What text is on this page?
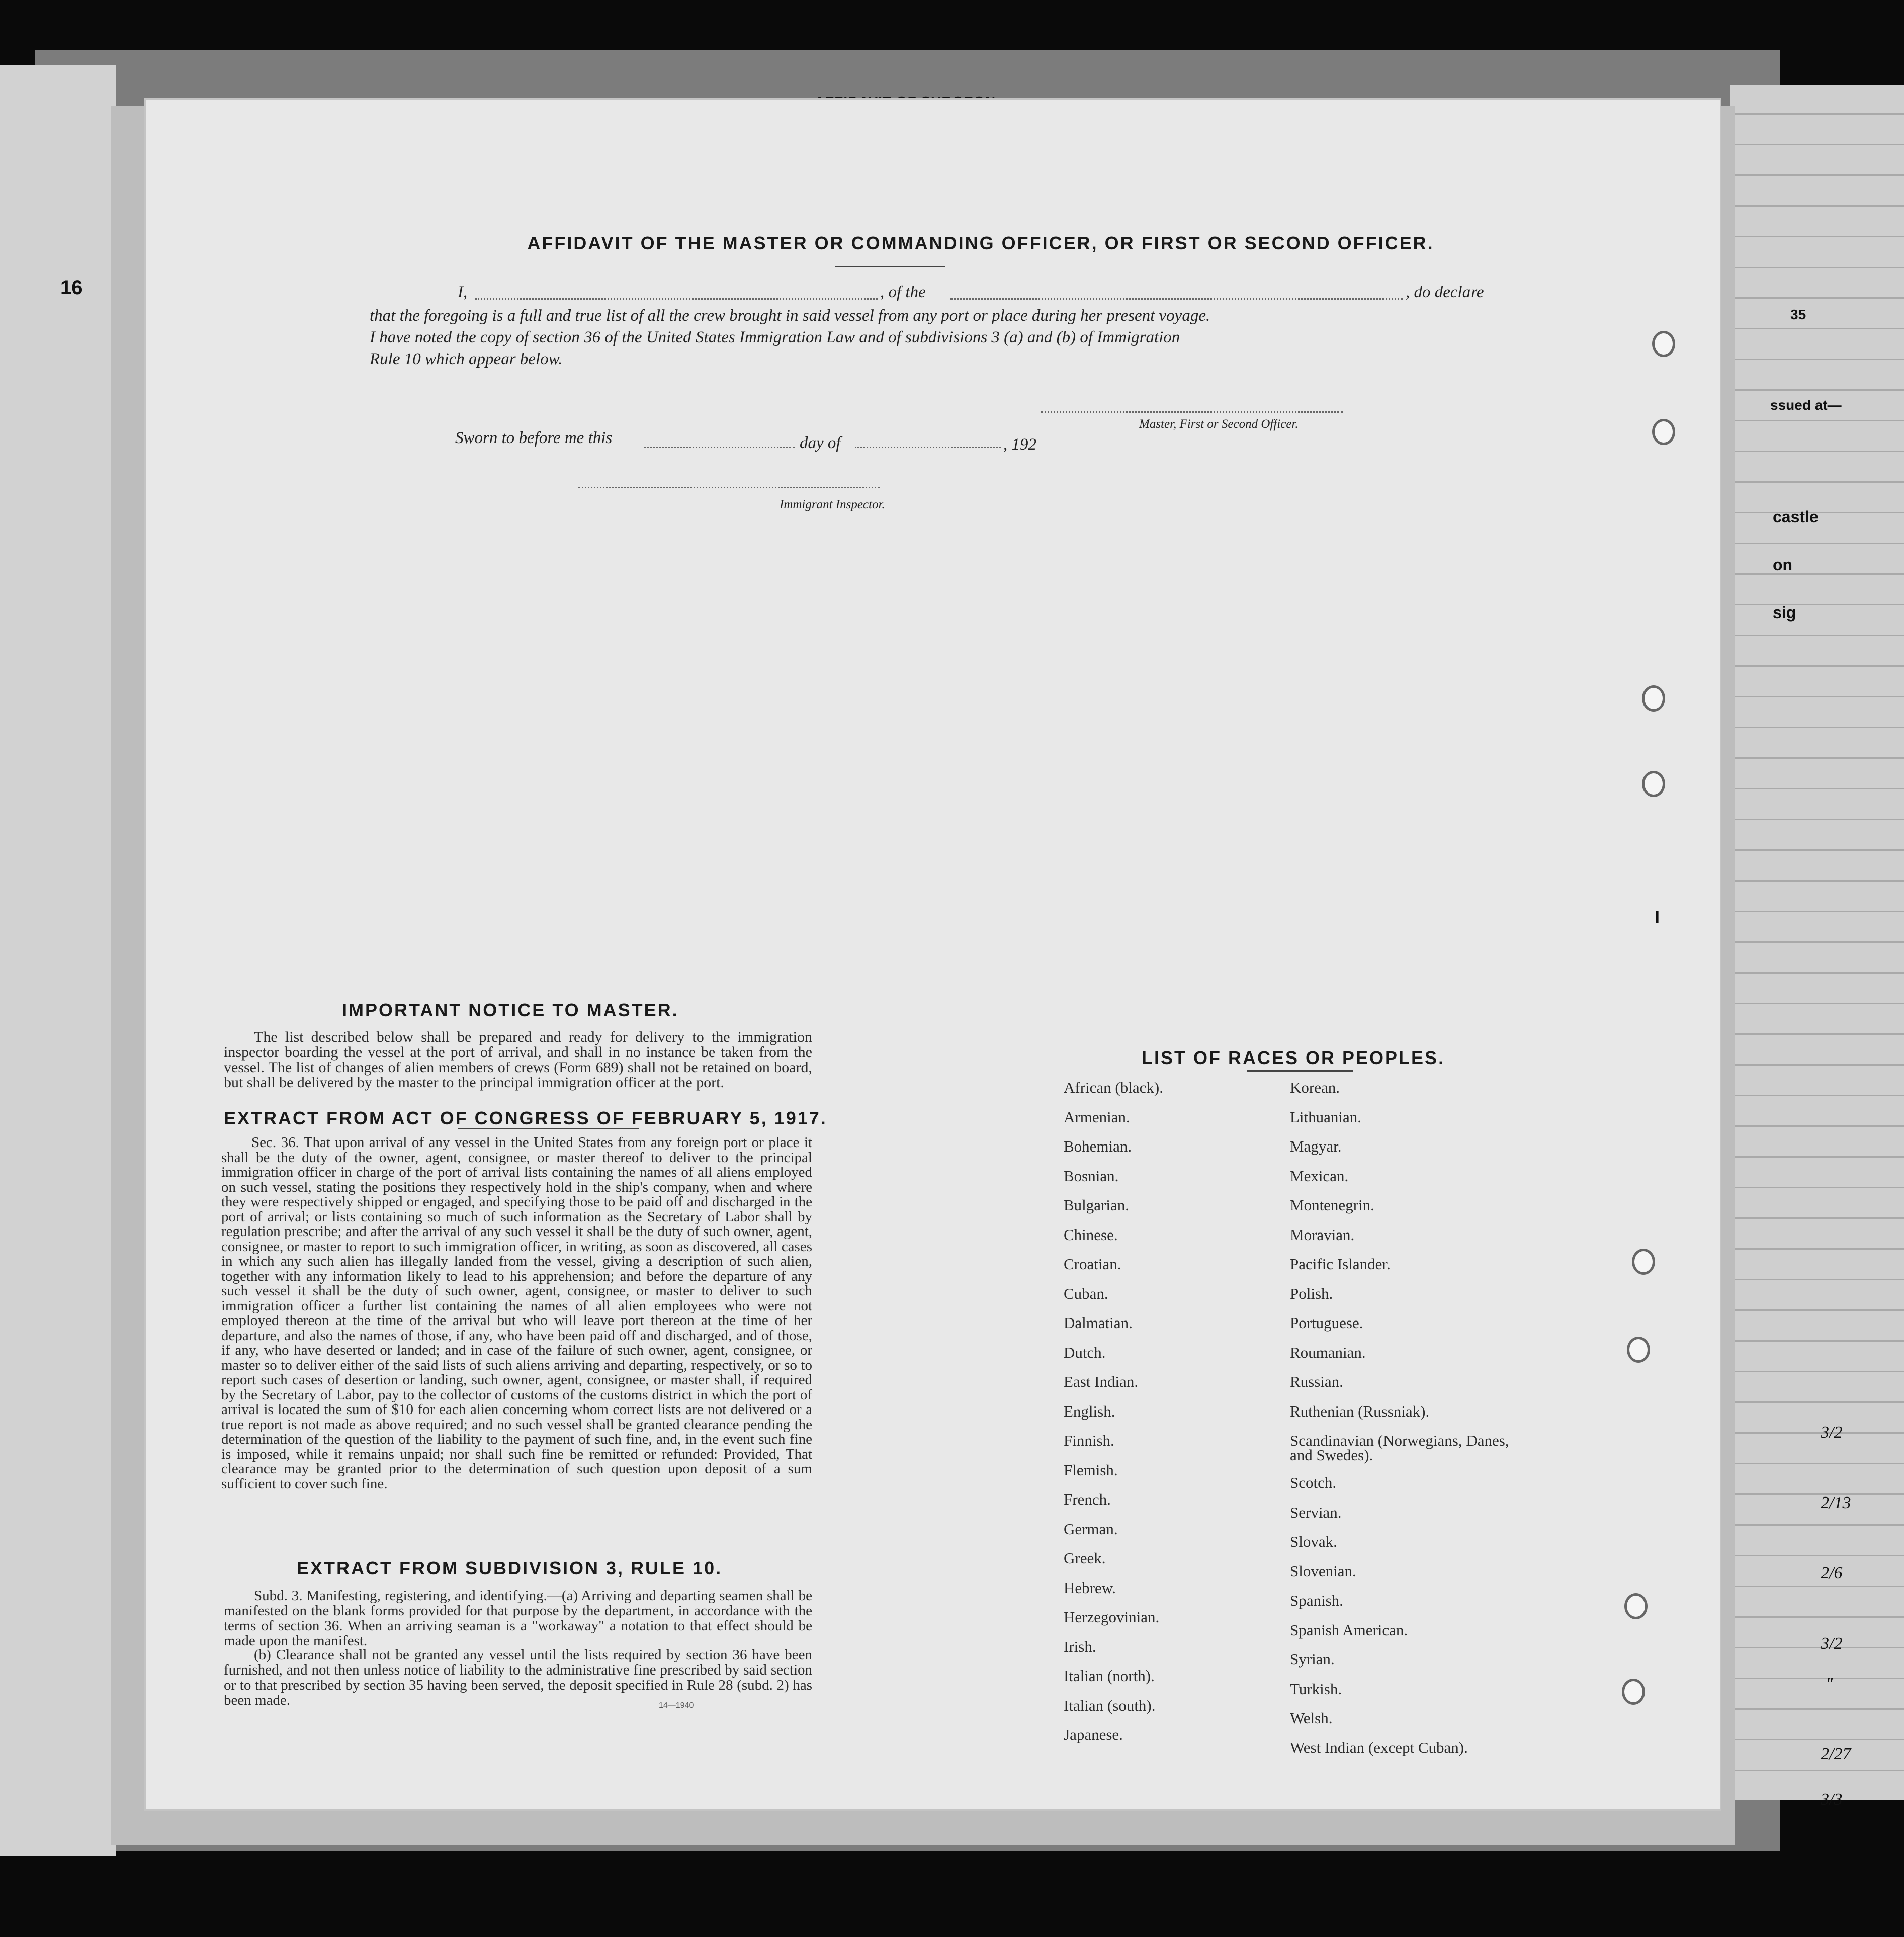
16
35
ssued at—
castle
on
sig
3/2
2/13
2/6
3/2
"
2/27
3/3
AFFIDAVIT OF THE MASTER OR COMMANDING OFFICER, OR FIRST OR SECOND OFFICER.
I,	, of the	, do declare
that the foregoing is a full and true list of all the crew brought in said vessel from any port or place during her present voyage.
I have noted the copy of section 36 of the United States Immigration Law and of subdivisions 3 (a) and (b) of Immigration
Rule 10 which appear below.
Master, First or Second Officer.
Sworn to before me this	day of	, 192
Immigrant Inspector.
IMPORTANT NOTICE TO MASTER.
The list described below shall be prepared and ready for delivery to the immigration inspector boarding the vessel at the port of arrival, and shall in no instance be taken from the vessel. The list of changes of alien members of crews (Form 689) shall not be retained on board, but shall be delivered by the master to the principal immigration officer at the port.
EXTRACT FROM ACT OF CONGRESS OF FEBRUARY 5, 1917.
Sec. 36. That upon arrival of any vessel in the United States from any foreign port or place it shall be the duty of the owner, agent, consignee, or master thereof to deliver to the principal immigration officer in charge of the port of arrival lists containing the names of all aliens employed on such vessel, stating the positions they respectively hold in the ship's company, when and where they were respectively shipped or engaged, and specifying those to be paid off and discharged in the port of arrival; or lists containing so much of such information as the Secretary of Labor shall by regulation prescribe; and after the arrival of any such vessel it shall be the duty of such owner, agent, consignee, or master to report to such immigration officer, in writing, as soon as discovered, all cases in which any such alien has illegally landed from the vessel, giving a description of such alien, together with any information likely to lead to his apprehension; and before the departure of any such vessel it shall be the duty of such owner, agent, consignee, or master to deliver to such immigration officer a further list containing the names of all alien employees who were not employed thereon at the time of the arrival but who will leave port thereon at the time of her departure, and also the names of those, if any, who have been paid off and discharged, and of those, if any, who have deserted or landed; and in case of the failure of such owner, agent, consignee, or master so to deliver either of the said lists of such aliens arriving and departing, respectively, or so to report such cases of desertion or landing, such owner, agent, consignee, or master shall, if required by the Secretary of Labor, pay to the collector of customs of the customs district in which the port of arrival is located the sum of $10 for each alien concerning whom correct lists are not delivered or a true report is not made as above required; and no such vessel shall be granted clearance pending the determination of the question of the liability to the payment of such fine, and, in the event such fine is imposed, while it remains unpaid; nor shall such fine be remitted or refunded: Provided, That clearance may be granted prior to the determination of such question upon deposit of a sum sufficient to cover such fine.
EXTRACT FROM SUBDIVISION 3, RULE 10.
Subd. 3. Manifesting, registering, and identifying.—(a) Arriving and departing seamen shall be manifested on the blank forms provided for that purpose by the department, in accordance with the terms of section 36. When an arriving seaman is a "workaway" a notation to that effect should be made upon the manifest.
(b) Clearance shall not be granted any vessel until the lists required by section 36 have been furnished, and not then unless notice of liability to the administrative fine prescribed by said section or to that prescribed by section 35 having been served, the deposit specified in Rule 28 (subd. 2) has been made.	14—1940
LIST OF RACES OR PEOPLES.
African (black).
Armenian.
Bohemian.
Bosnian.
Bulgarian.
Chinese.
Croatian.
Cuban.
Dalmatian.
Dutch.
East Indian.
English.
Finnish.
Flemish.
French.
German.
Greek.
Hebrew.
Herzegovinian.
Irish.
Italian (north).
Italian (south).
Japanese.
Korean.
Lithuanian.
Magyar.
Mexican.
Montenegrin.
Moravian.
Pacific Islander.
Polish.
Portuguese.
Roumanian.
Russian.
Ruthenian (Russniak).
Scandinavian (Norwegians, Danes, and Swedes).
Scotch.
Servian.
Slovak.
Slovenian.
Spanish.
Spanish American.
Syrian.
Turkish.
Welsh.
West Indian (except Cuban).
I
